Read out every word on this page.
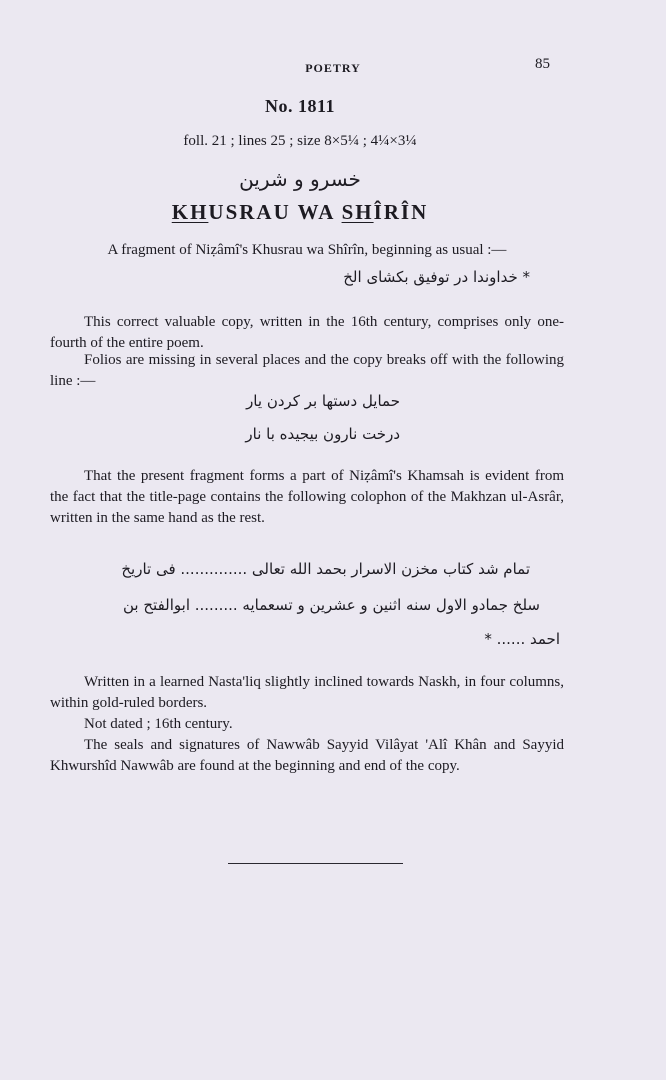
POETRY	85
No. 1811
foll. 21 ; lines 25 ; size 8×5¼ ; 4¼×3¼
خسرو و شرین
KHUSRAU WA SHÎRÎN
A fragment of Niẓâmî's Khusrau wa Shîrîn, beginning as usual :—
* خداوندا در توفیق بکشای الخ
This correct valuable copy, written in the 16th century, comprises only one-fourth of the entire poem.
Folios are missing in several places and the copy breaks off with the following line :—
حمایل دستها بر کردن یار
درخت نارون بیجیده با نار
That the present fragment forms a part of Niẓâmî's Khamsah is evident from the fact that the title-page contains the following colophon of the Makhzan ul-Asrâr, written in the same hand as the rest.
تمام شد کتاب مخزن الاسرار بحمد الله تعالی .............. فی تاریخ
سلخ جمادو الاول سنه اثنین و عشرین و تسعمایه ......... ابوالفتح بن
احمد ...... *
Written in a learned Nasta'liq slightly inclined towards Naskh, in four columns, within gold-ruled borders.
Not dated ; 16th century.
The seals and signatures of Nawwâb Sayyid Vilâyat 'Alî Khân and Sayyid Khwurshîd Nawwâb are found at the beginning and end of the copy.
